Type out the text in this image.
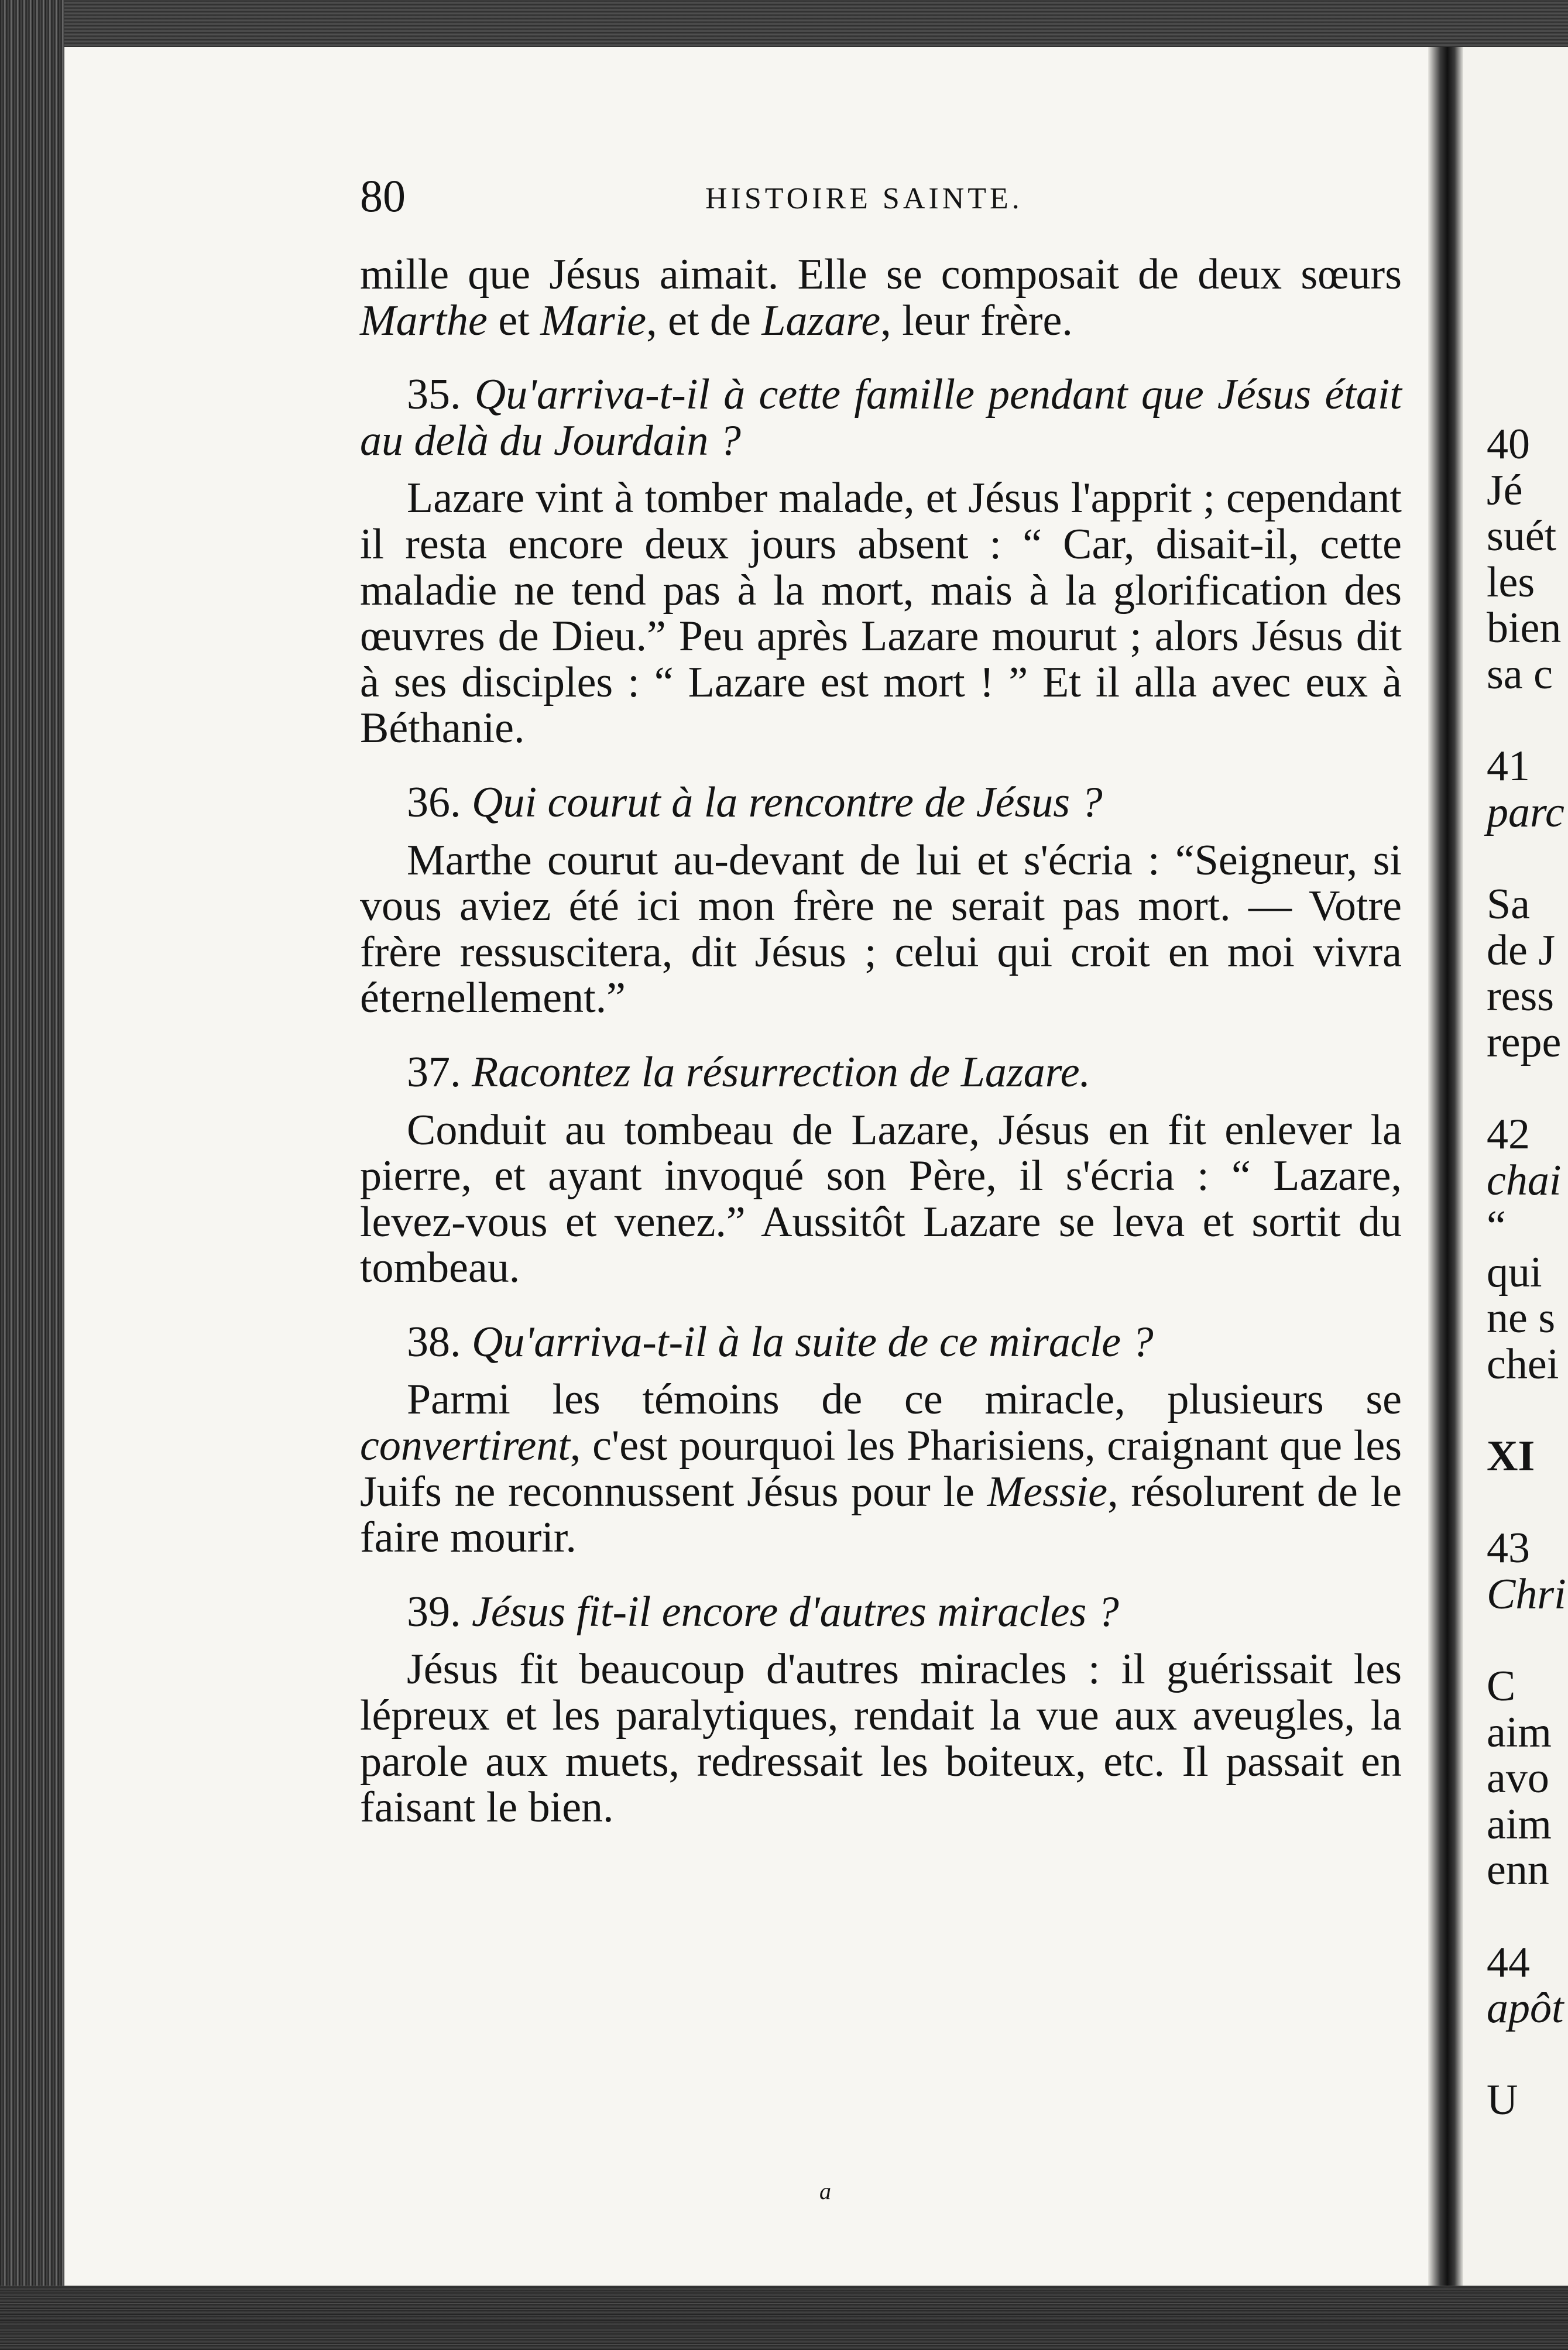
80	HISTOIRE SAINTE.

mille que Jésus aimait. Elle se composait de deux sœurs Marthe et Marie, et de Lazare, leur frère.

35. Qu'arriva-t-il à cette famille pendant que Jésus était au delà du Jourdain ?

Lazare vint à tomber malade, et Jésus l'apprit ; cependant il resta encore deux jours absent : “ Car, disait-il, cette maladie ne tend pas à la mort, mais à la glorification des œuvres de Dieu.” Peu après Lazare mourut ; alors Jésus dit à ses disciples : “ Lazare est mort ! ” Et il alla avec eux à Béthanie.

36. Qui courut à la rencontre de Jésus ?

Marthe courut au-devant de lui et s'écria : “Seigneur, si vous aviez été ici mon frère ne serait pas mort. — Votre frère ressuscitera, dit Jésus ; celui qui croit en moi vivra éternellement.”

37. Racontez la résurrection de Lazare.

Conduit au tombeau de Lazare, Jésus en fit enlever la pierre, et ayant invoqué son Père, il s'écria : “ Lazare, levez-vous et venez.” Aussitôt Lazare se leva et sortit du tombeau.

38. Qu'arriva-t-il à la suite de ce miracle ?

Parmi les témoins de ce miracle, plusieurs se convertirent, c'est pourquoi les Pharisiens, craignant que les Juifs ne reconnussent Jésus pour le Messie, résolurent de le faire mourir.

39. Jésus fit-il encore d'autres miracles ?

Jésus fit beaucoup d'autres miracles : il guérissait les lépreux et les paralytiques, rendait la vue aux aveugles, la parole aux muets, redressait les boiteux, etc. Il passait en faisant le bien.

40
Jé
suét
les
bien
sa c
41
parc
Sa
de J
ress
repe
42
chai
“
qui
ne s
chei
XI
43
Chri
C
aim
avo
aim
enn
44
apôt
U
a
